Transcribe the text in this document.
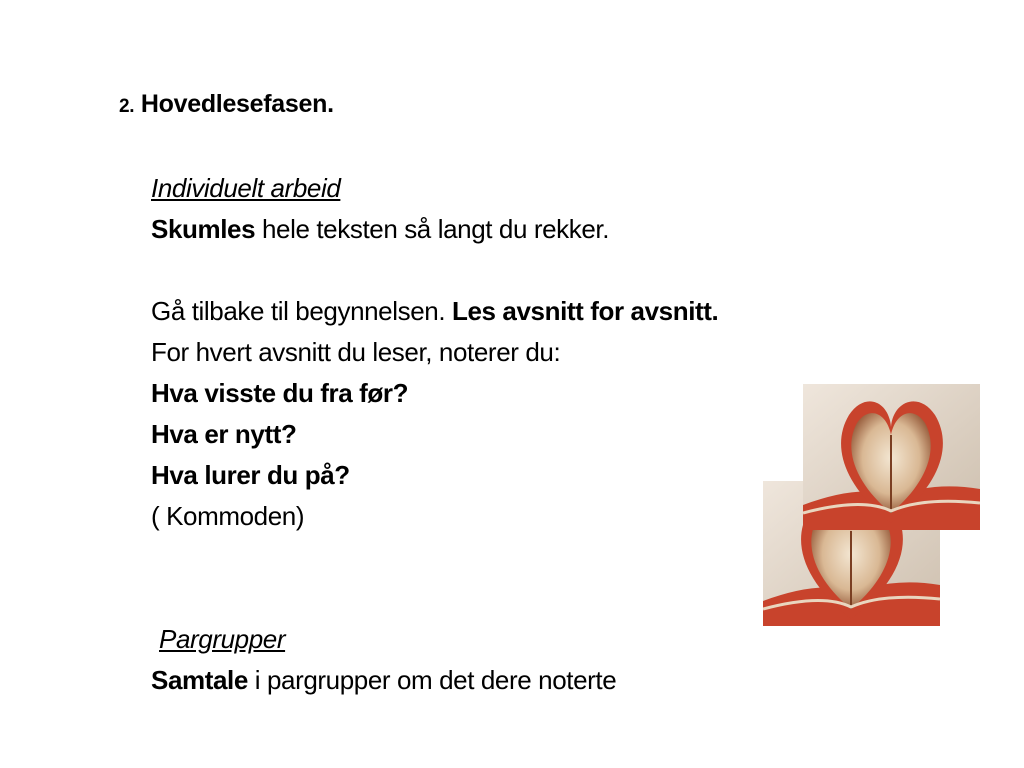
2. Hovedlesefasen.
Individuelt arbeid
Skumles hele teksten så langt du rekker.
Gå tilbake til begynnelsen. Les avsnitt for avsnitt.
For hvert avsnitt du leser, noterer du:
Hva visste du fra før?
Hva er nytt?
Hva lurer du på?
( Kommoden)
Pargrupper
Samtale i pargrupper om det dere noterte
